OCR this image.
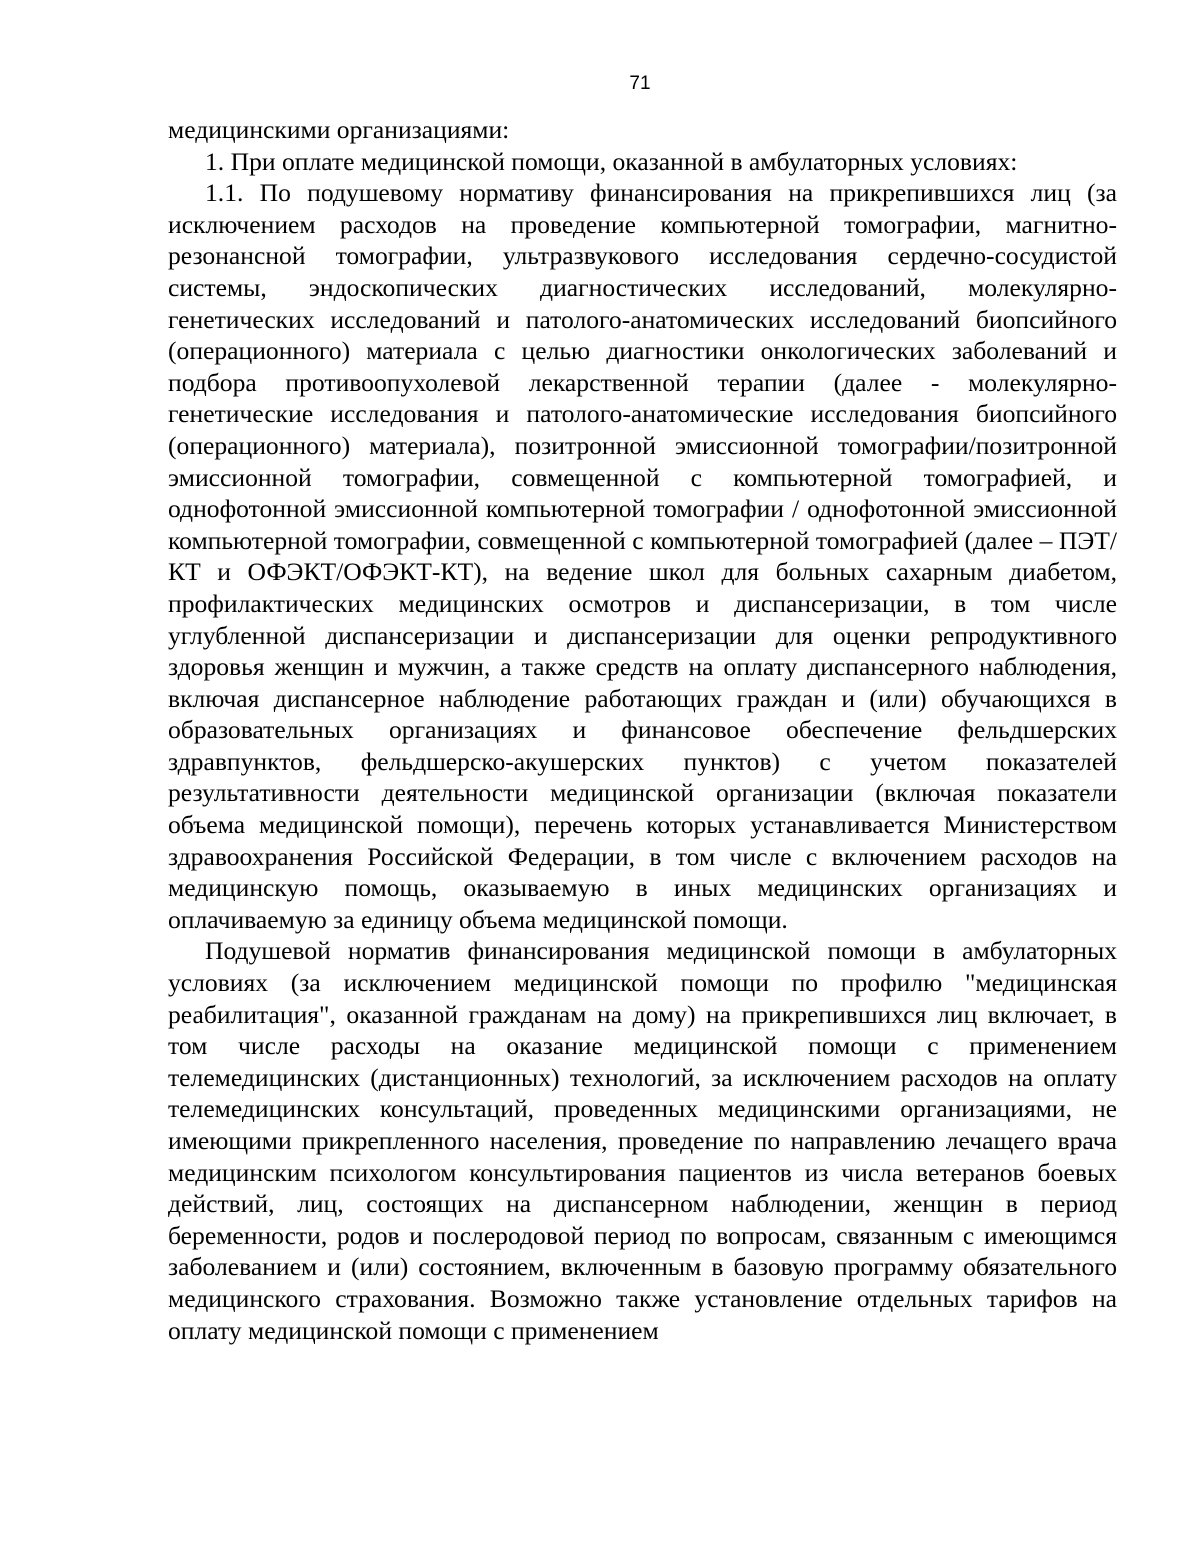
71

медицинскими организациями:

1. При оплате медицинской помощи, оказанной в амбулаторных условиях:

1.1. По подушевому нормативу финансирования на прикрепившихся лиц (за исключением расходов на проведение компьютерной томографии, магнитно-резонансной томографии, ультразвукового исследования сердечно-сосудистой системы, эндоскопических диагностических исследований, молекулярно-генетических исследований и патолого-анатомических исследований биопсийного (операционного) материала с целью диагностики онкологических заболеваний и подбора противоопухолевой лекарственной терапии (далее - молекулярно-генетические исследования и патолого-анатомические исследования биопсийного (операционного) материала), позитронной эмиссионной томографии/позитронной эмиссионной томографии, совмещенной с компьютерной томографией, и однофотонной эмиссионной компьютерной томографии / однофотонной эмиссионной компьютерной томографии, совмещенной с компьютерной томографией (далее – ПЭТ/КТ и ОФЭКТ/ОФЭКТ-КТ), на ведение школ для больных сахарным диабетом, профилактических медицинских осмотров и диспансеризации, в том числе углубленной диспансеризации и диспансеризации для оценки репродуктивного здоровья женщин и мужчин, а также средств на оплату диспансерного наблюдения, включая диспансерное наблюдение работающих граждан и (или) обучающихся в образовательных организациях и финансовое обеспечение фельдшерских здравпунктов, фельдшерско-акушерских пунктов) с учетом показателей результативности деятельности медицинской организации (включая показатели объема медицинской помощи), перечень которых устанавливается Министерством здравоохранения Российской Федерации, в том числе с включением расходов на медицинскую помощь, оказываемую в иных медицинских организациях и оплачиваемую за единицу объема медицинской помощи.

Подушевой норматив финансирования медицинской помощи в амбулаторных условиях (за исключением медицинской помощи по профилю "медицинская реабилитация", оказанной гражданам на дому) на прикрепившихся лиц включает, в том числе расходы на оказание медицинской помощи с применением телемедицинских (дистанционных) технологий, за исключением расходов на оплату телемедицинских консультаций, проведенных медицинскими организациями, не имеющими прикрепленного населения, проведение по направлению лечащего врача медицинским психологом консультирования пациентов из числа ветеранов боевых действий, лиц, состоящих на диспансерном наблюдении, женщин в период беременности, родов и послеродовой период по вопросам, связанным с имеющимся заболеванием и (или) состоянием, включенным в базовую программу обязательного медицинского страхования. Возможно также установление отдельных тарифов на оплату медицинской помощи с применением
